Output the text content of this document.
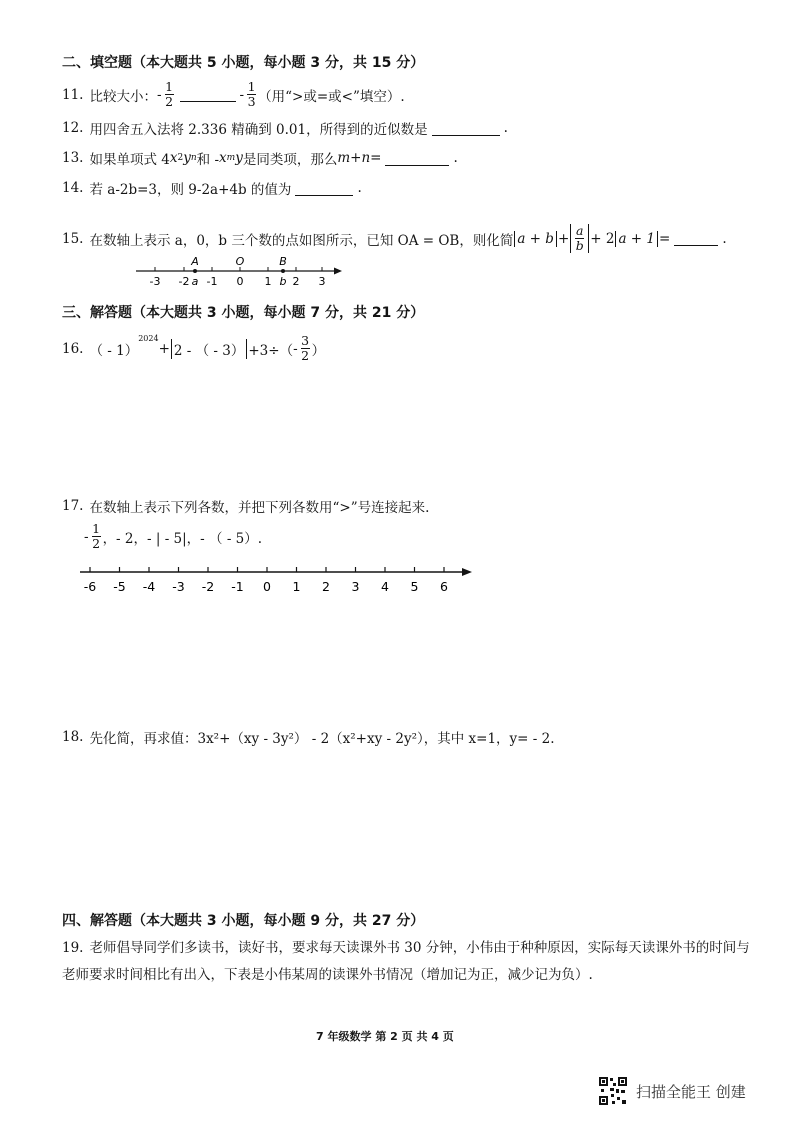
二、填空题（本大题共 5 小题，每小题 3 分，共 15 分）
11. 比较大小： - $\frac{1}{2}$	- $\frac{1}{3}$ （用“>或=或<”填空）.
12. 用四舍五入法将 2.336 精确到 0.01，所得到的近似数是	.
13. 如果单项式 4 x 2 y n 和 - x m y 是同类项，那么 m + n =	.
14. 若 a-2b=3，则 9-2a+4b 的值为	.
15. 在数轴上表示 a，0，b 三个数的点如图所示，已知 OA = OB，则化简 $a + b + \frac{a}{b} + 2$ a + 1 =	.
A	O	B
-3 -2 a -1 0 1 b 2 3
三、解答题（本大题共 3 小题，每小题 7 分，共 21 分）
16. （ - 1）
$^{2024}$
+ 2 - （ - $3) +3\div( - \frac{3}{2}$ ）
17. 在数轴上表示下列各数，并把下列各数用“>”号连接起来.
- $\frac{1}{2}$ ，- 2，- | - 5|，- （ - 5）.
-6 -5 -4 -3 -2 -1 0 1 2 3 4 5 6
18. 先化简，再求值：3x²+（xy - 3y²） - 2（x²+xy - 2y²），其中 x=1，y= - 2.
四、解答题（本大题共 3 小题，每小题 9 分，共 27 分）
19. 老师倡导同学们多读书，读好书，要求每天读课外书 30 分钟，小伟由于种种原因，实际每天读课外书的时间与老师要求时间相比有出入，下表是小伟某周的读课外书情况（增加记为正，减少记为负）.
7 年级数学 第 2 页 共 4 页
扫描全能王 创建
